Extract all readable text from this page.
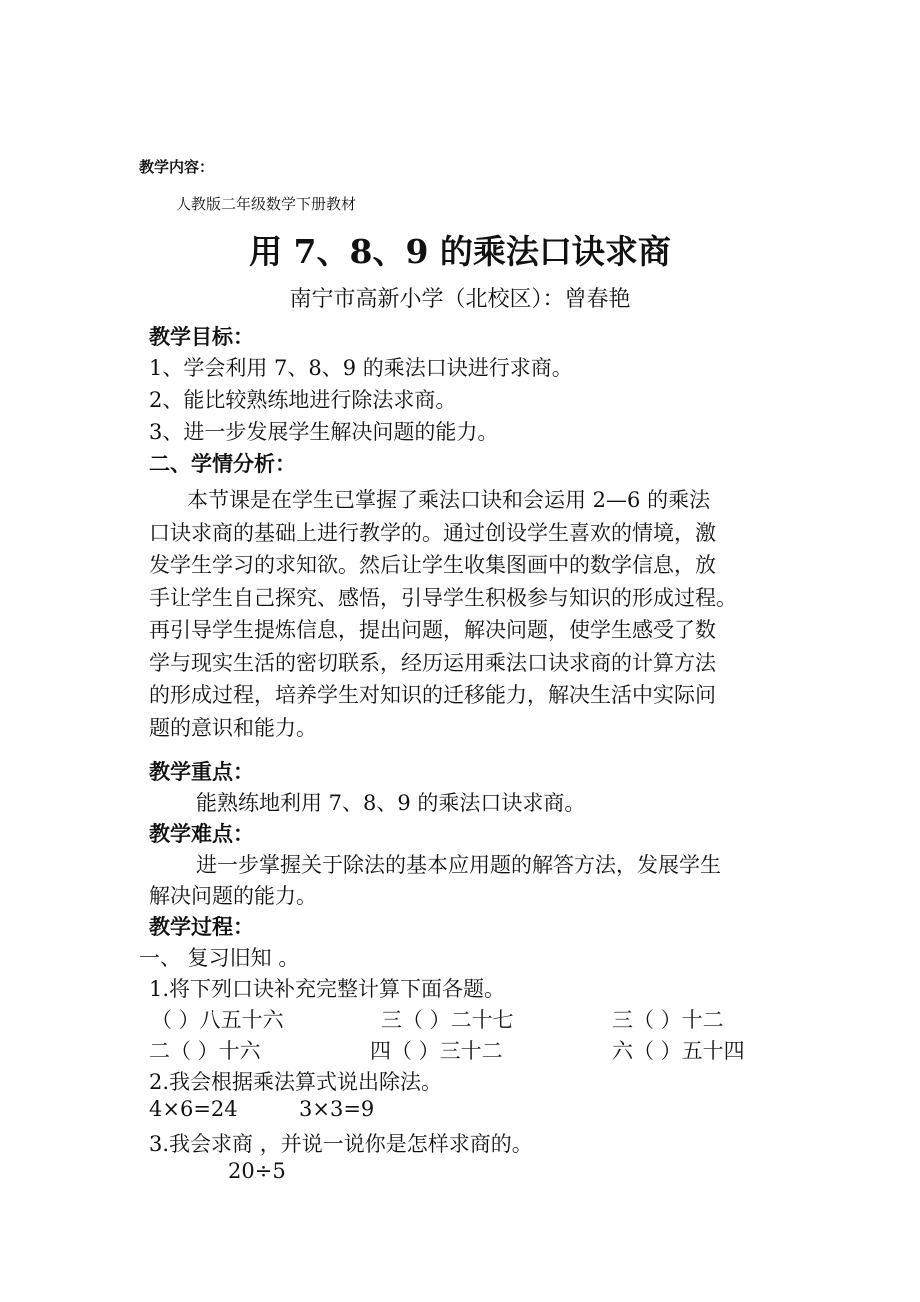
教学内容：

人教版二年级数学下册教材

用 7、8、9 的乘法口诀求商

南宁市高新小学（北校区）：曾春艳

教学目标：

1、学会利用 7、8、9 的乘法口诀进行求商。

2、能比较熟练地进行除法求商。

3、进一步发展学生解决问题的能力。

二、学情分析：

本节课是在学生已掌握了乘法口诀和会运用 2—6 的乘法
口诀求商的基础上进行教学的。通过创设学生喜欢的情境，激
发学生学习的求知欲。然后让学生收集图画中的数学信息，放
手让学生自己探究、感悟，引导学生积极参与知识的形成过程。
再引导学生提炼信息，提出问题，解决问题，使学生感受了数
学与现实生活的密切联系，经历运用乘法口诀求商的计算方法
的形成过程，培养学生对知识的迁移能力，解决生活中实际问
题的意识和能力。

教学重点：

能熟练地利用 7、8、9 的乘法口诀求商。

教学难点：

进一步掌握关于除法的基本应用题的解答方法，发展学生

解决问题的能力。

教学过程：

一、 复习旧知 。

1.将下列口诀补充完整计算下面各题。

（ ）八五十六	三（ ）二十七	三（ ）十二

二（ ）十六	四（ ）三十二	六（ ）五十四

2.我会根据乘法算式说出除法。

4×6=24	3×3=9

3.我会求商 ，并说一说你是怎样求商的。

20÷5
